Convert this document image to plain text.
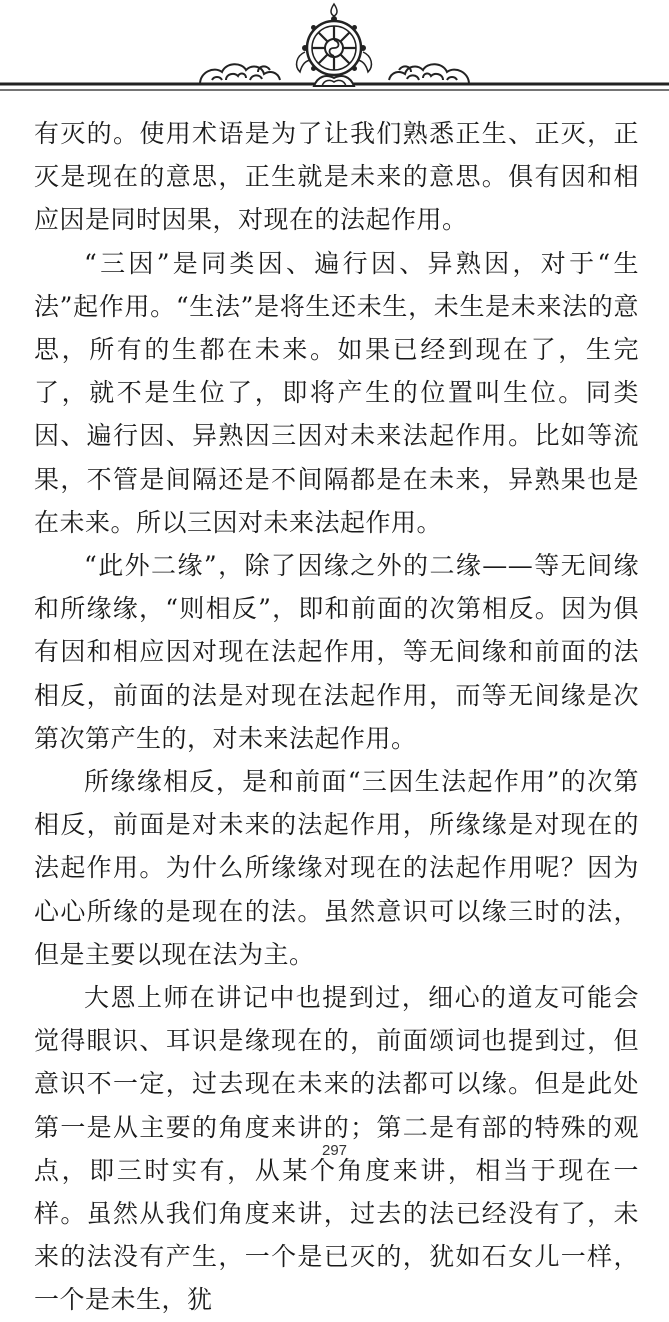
有灭的。使用术语是为了让我们熟悉正生、正灭，正灭是现在的意思，正生就是未来的意思。俱有因和相应因是同时因果，对现在的法起作用。

“三因”是同类因、遍行因、异熟因，对于“生法”起作用。“生法”是将生还未生，未生是未来法的意思，所有的生都在未来。如果已经到现在了，生完了，就不是生位了，即将产生的位置叫生位。同类因、遍行因、异熟因三因对未来法起作用。比如等流果，不管是间隔还是不间隔都是在未来，异熟果也是在未来。所以三因对未来法起作用。

“此外二缘”，除了因缘之外的二缘——等无间缘和所缘缘，“则相反”，即和前面的次第相反。因为俱有因和相应因对现在法起作用，等无间缘和前面的法相反，前面的法是对现在法起作用，而等无间缘是次第次第产生的，对未来法起作用。

所缘缘相反，是和前面“三因生法起作用”的次第相反，前面是对未来的法起作用，所缘缘是对现在的法起作用。为什么所缘缘对现在的法起作用呢？因为心心所缘的是现在的法。虽然意识可以缘三时的法，但是主要以现在法为主。

大恩上师在讲记中也提到过，细心的道友可能会觉得眼识、耳识是缘现在的，前面颂词也提到过，但意识不一定，过去现在未来的法都可以缘。但是此处第一是从主要的角度来讲的；第二是有部的特殊的观点，即三时实有，从某个角度来讲，相当于现在一样。虽然从我们角度来讲，过去的法已经没有了，未来的法没有产生，一个是已灭的，犹如石女儿一样，一个是未生，犹

297
